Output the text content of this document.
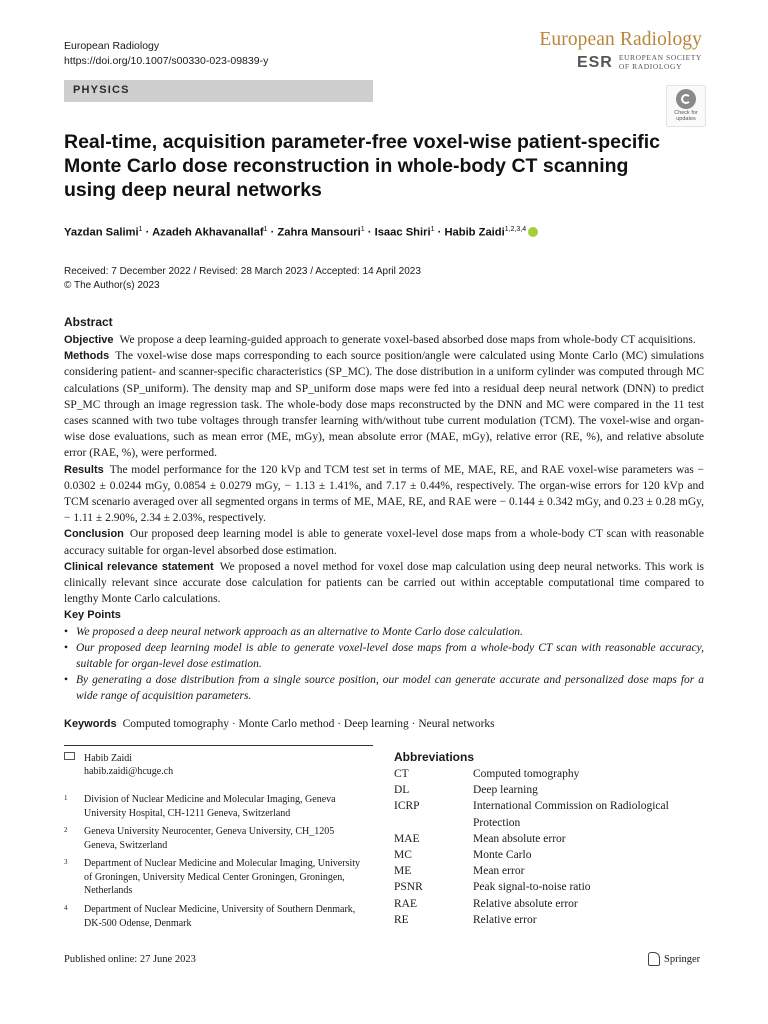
European Radiology
https://doi.org/10.1007/s00330-023-09839-y
European Radiology
ESR EUROPEAN SOCIETY
OF RADIOLOGY
PHYSICS
Check for
updates
Real-time, acquisition parameter-free voxel-wise patient-specific Monte Carlo dose reconstruction in whole-body CT scanning using deep neural networks
Yazdan Salimi$^1$ · Azadeh Akhavanallaf$^1$ · Zahra Mansouri$^1$ · Isaac Shiri$^1$ · Habib Zaidi$^{1,2,3,4}$
Received: 7 December 2022 / Revised: 28 March 2023 / Accepted: 14 April 2023
© The Author(s) 2023
Abstract

Objective We propose a deep learning-guided approach to generate voxel-based absorbed dose maps from whole-body CT acquisitions.

Methods The voxel-wise dose maps corresponding to each source position/angle were calculated using Monte Carlo (MC) simulations considering patient- and scanner-specific characteristics (SP_MC). The dose distribution in a uniform cylinder was computed through MC calculations (SP_uniform). The density map and SP_uniform dose maps were fed into a residual deep neural network (DNN) to predict SP_MC through an image regression task. The whole-body dose maps reconstructed by the DNN and MC were compared in the 11 test cases scanned with two tube voltages through transfer learning with/without tube current modulation (TCM). The voxel-wise and organ-wise dose evaluations, such as mean error (ME, mGy), mean absolute error (MAE, mGy), relative error (RE, %), and relative absolute error (RAE, %), were performed.

Results The model performance for the 120 kVp and TCM test set in terms of ME, MAE, RE, and RAE voxel-wise parameters was − 0.0302 ± 0.0244 mGy, 0.0854 ± 0.0279 mGy, − 1.13 ± 1.41%, and 7.17 ± 0.44%, respectively. The organ-wise errors for 120 kVp and TCM scenario averaged over all segmented organs in terms of ME, MAE, RE, and RAE were − 0.144 ± 0.342 mGy, and 0.23 ± 0.28 mGy, − 1.11 ± 2.90%, 2.34 ± 2.03%, respectively.

Conclusion Our proposed deep learning model is able to generate voxel-level dose maps from a whole-body CT scan with reasonable accuracy suitable for organ-level absorbed dose estimation.

Clinical relevance statement We proposed a novel method for voxel dose map calculation using deep neural networks. This work is clinically relevant since accurate dose calculation for patients can be carried out within acceptable computational time compared to lengthy Monte Carlo calculations.

Key Points

• We proposed a deep neural network approach as an alternative to Monte Carlo dose calculation.
• Our proposed deep learning model is able to generate voxel-level dose maps from a whole-body CT scan with reasonable accuracy, suitable for organ-level dose estimation.
• By generating a dose distribution from a single source position, our model can generate accurate and personalized dose maps for a wide range of acquisition parameters.
Keywords Computed tomography · Monte Carlo method · Deep learning · Neural networks
Habib Zaidi
habib.zaidi@hcuge.ch
1 Division of Nuclear Medicine and Molecular Imaging, Geneva University Hospital, CH-1211 Geneva, Switzerland
2 Geneva University Neurocenter, Geneva University, CH_1205 Geneva, Switzerland
3 Department of Nuclear Medicine and Molecular Imaging, University of Groningen, University Medical Center Groningen, Groningen, Netherlands
4 Department of Nuclear Medicine, University of Southern Denmark, DK-500 Odense, Denmark
Abbreviations
CT	Computed tomography
DL	Deep learning
ICRP	International Commission on Radiological Protection
MAE	Mean absolute error
MC	Monte Carlo
ME	Mean error
PSNR	Peak signal-to-noise ratio
RAE	Relative absolute error
RE	Relative error
Published online: 27 June 2023	Springer
